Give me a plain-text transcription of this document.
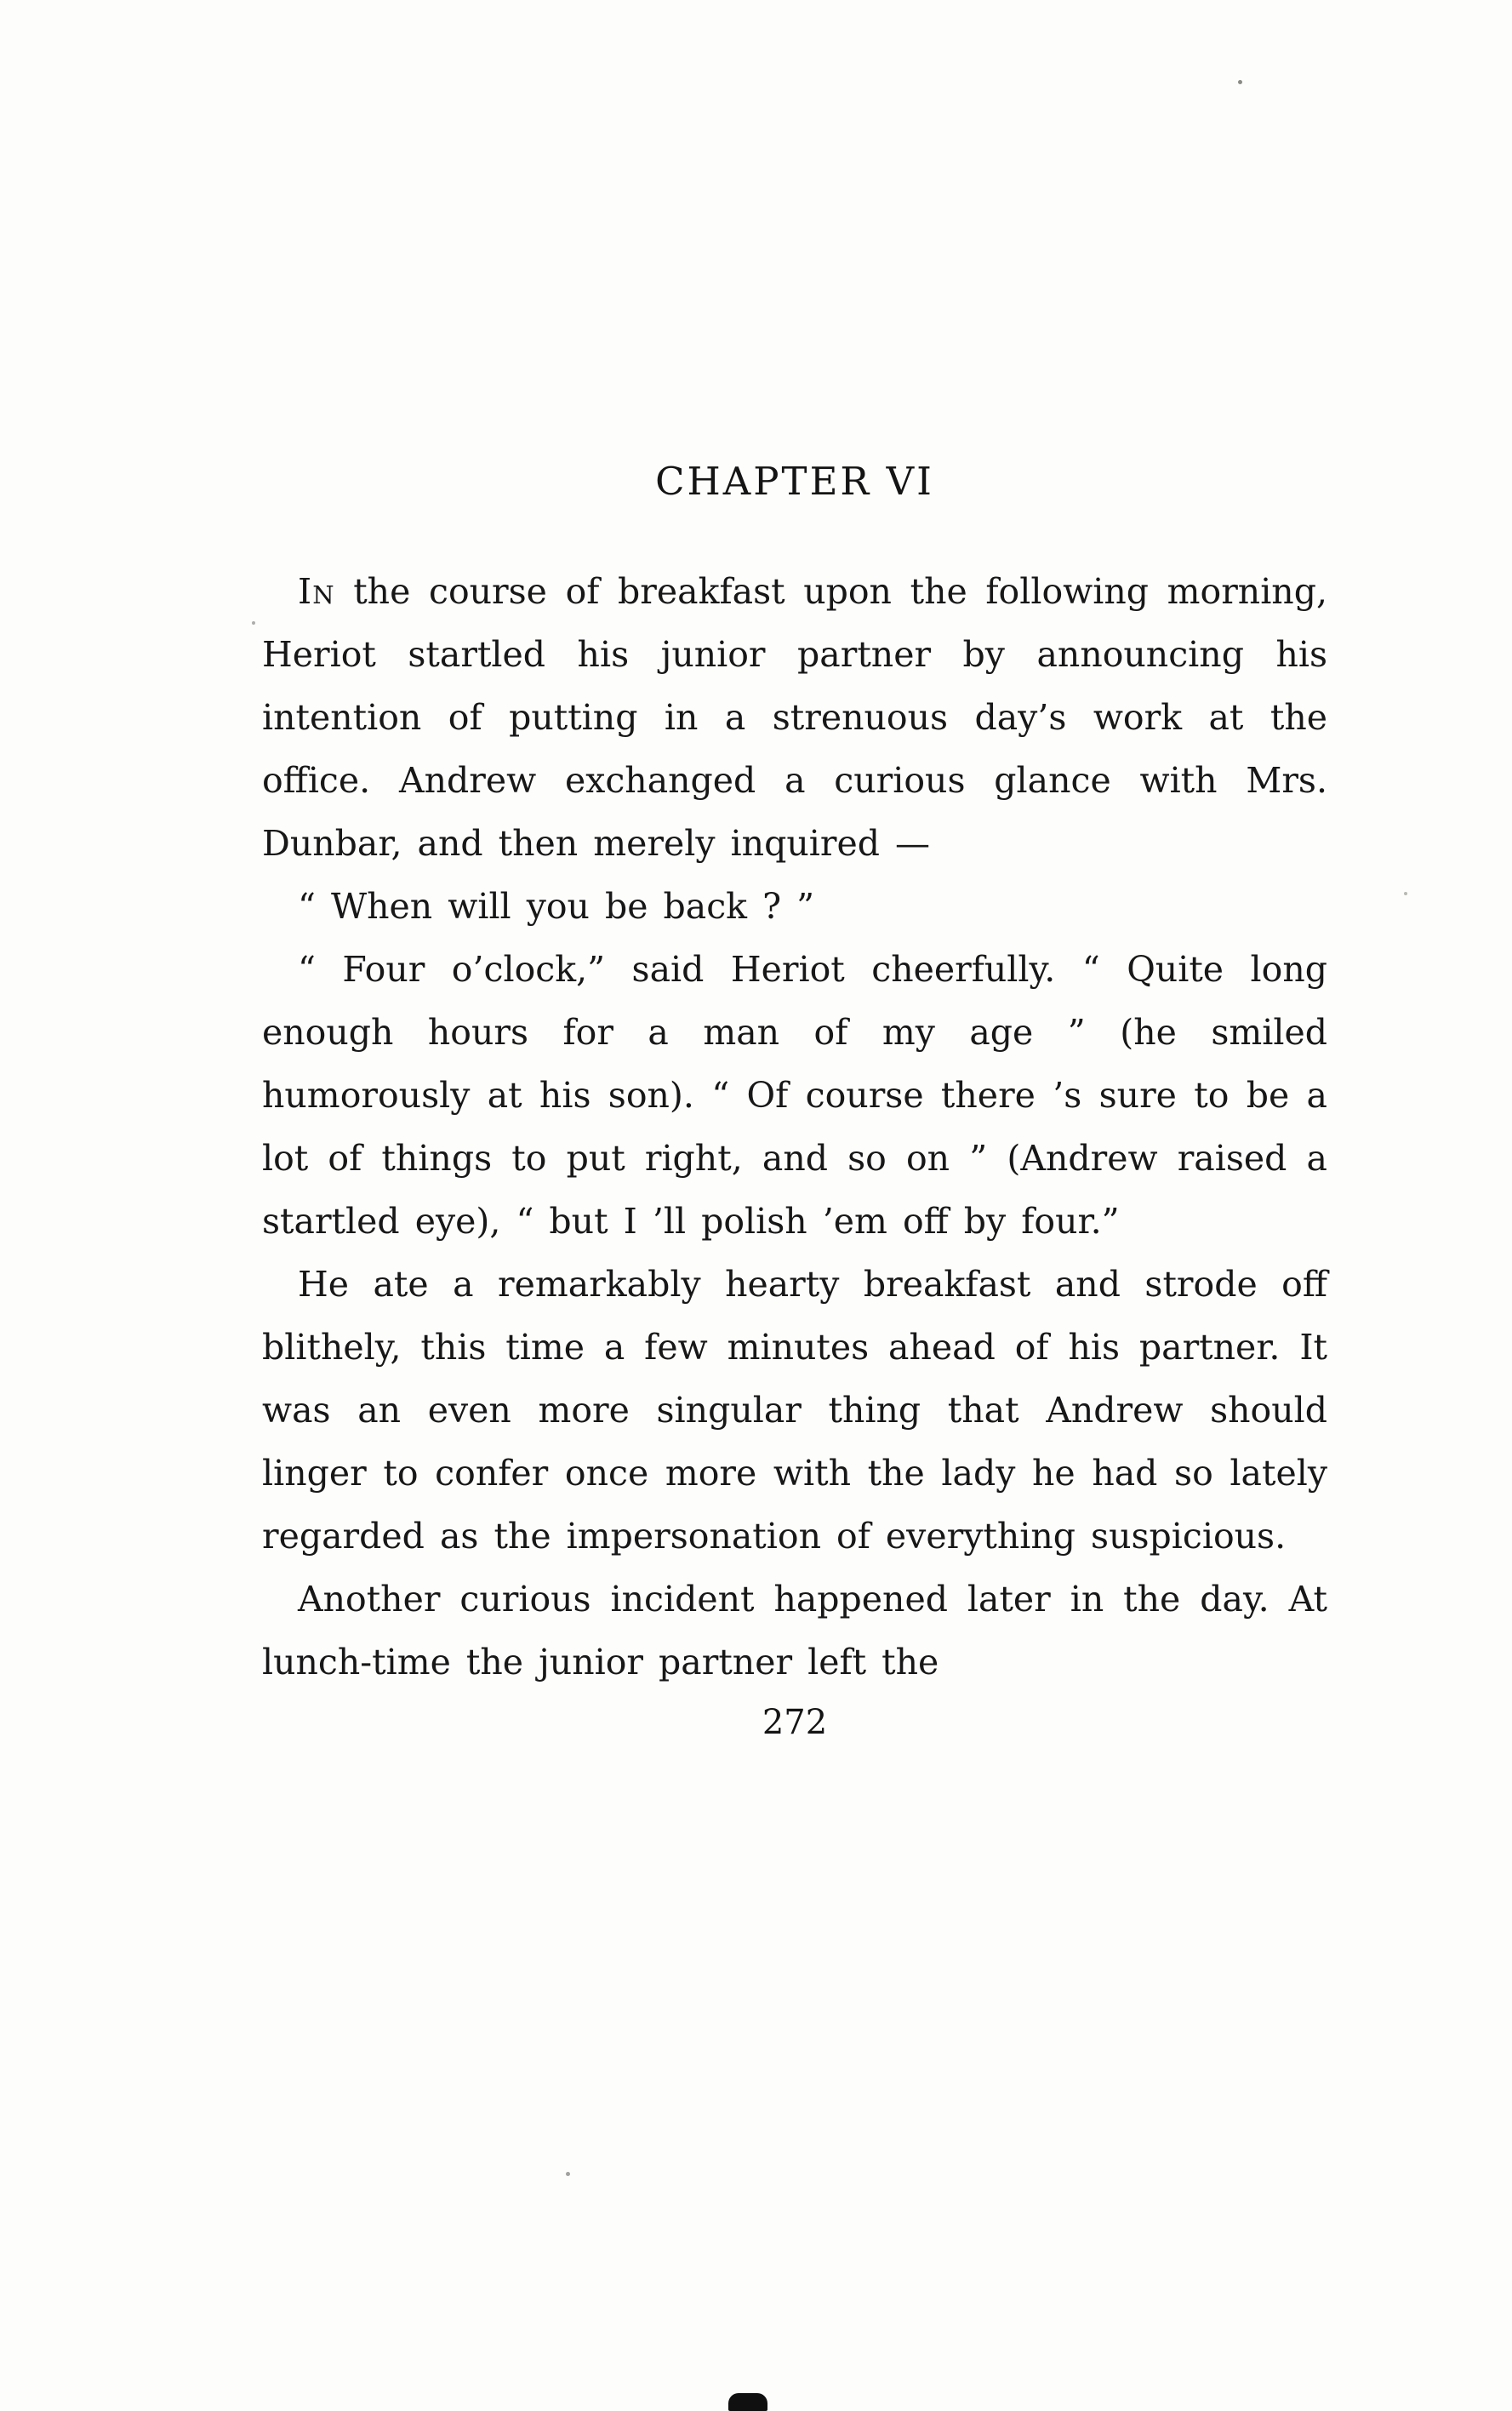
CHAPTER VI

In the course of breakfast upon the following morning, Heriot startled his junior partner by announcing his intention of putting in a strenuous day’s work at the office. Andrew exchanged a curious glance with Mrs. Dunbar, and then merely inquired —

“ When will you be back ? ”

“ Four o’clock,” said Heriot cheerfully. “ Quite long enough hours for a man of my age ” (he smiled humorously at his son). “ Of course there ’s sure to be a lot of things to put right, and so on ” (Andrew raised a startled eye), “ but I ’ll polish ’em off by four.”

He ate a remarkably hearty breakfast and strode off blithely, this time a few minutes ahead of his partner. It was an even more singular thing that Andrew should linger to confer once more with the lady he had so lately regarded as the impersonation of everything suspicious.

Another curious incident happened later in the day. At lunch-time the junior partner left the

272
